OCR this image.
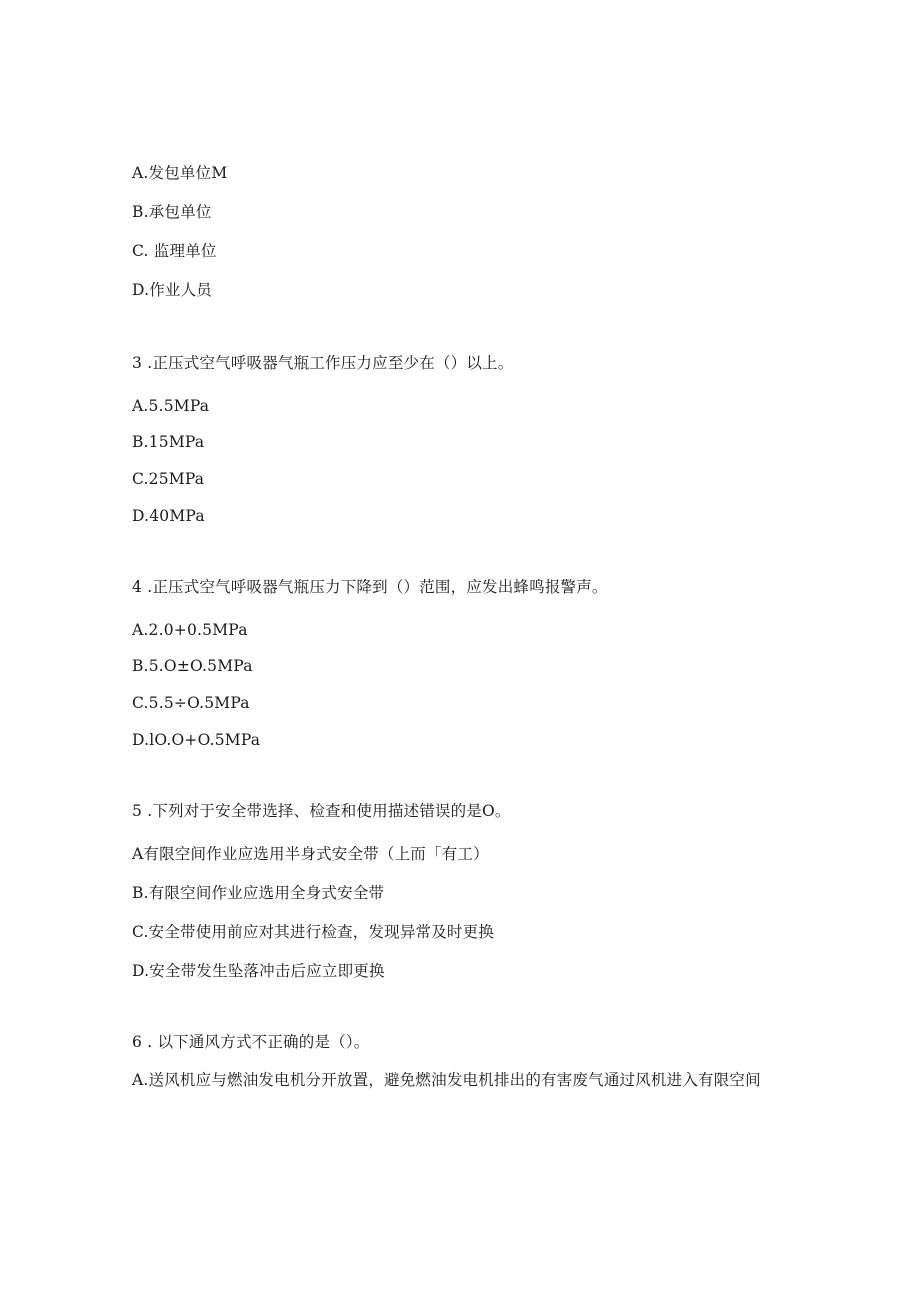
A.发包单位M
B.承包单位
C. 监理单位
D.作业人员
3 .正压式空气呼吸器气瓶工作压力应至少在（）以上。
A.5.5MPa
B.15MPa
C.25MPa
D.40MPa
4 .正压式空气呼吸器气瓶压力下降到（）范围，应发出蜂鸣报警声。
A.2.0+0.5MPa
B.5.O±O.5MPa
C.5.5÷O.5MPa
D.lO.O+O.5MPa
5 .下列对于安全带选择、检查和使用描述错误的是O。
A有限空间作业应选用半身式安全带（上而「有工）
B.有限空间作业应选用全身式安全带
C.安全带使用前应对其进行检查，发现异常及时更换
D.安全带发生坠落冲击后应立即更换
6 . 以下通风方式不正确的是（）。
A.送风机应与燃油发电机分开放置，避免燃油发电机排出的有害废气通过风机进入有限空间
